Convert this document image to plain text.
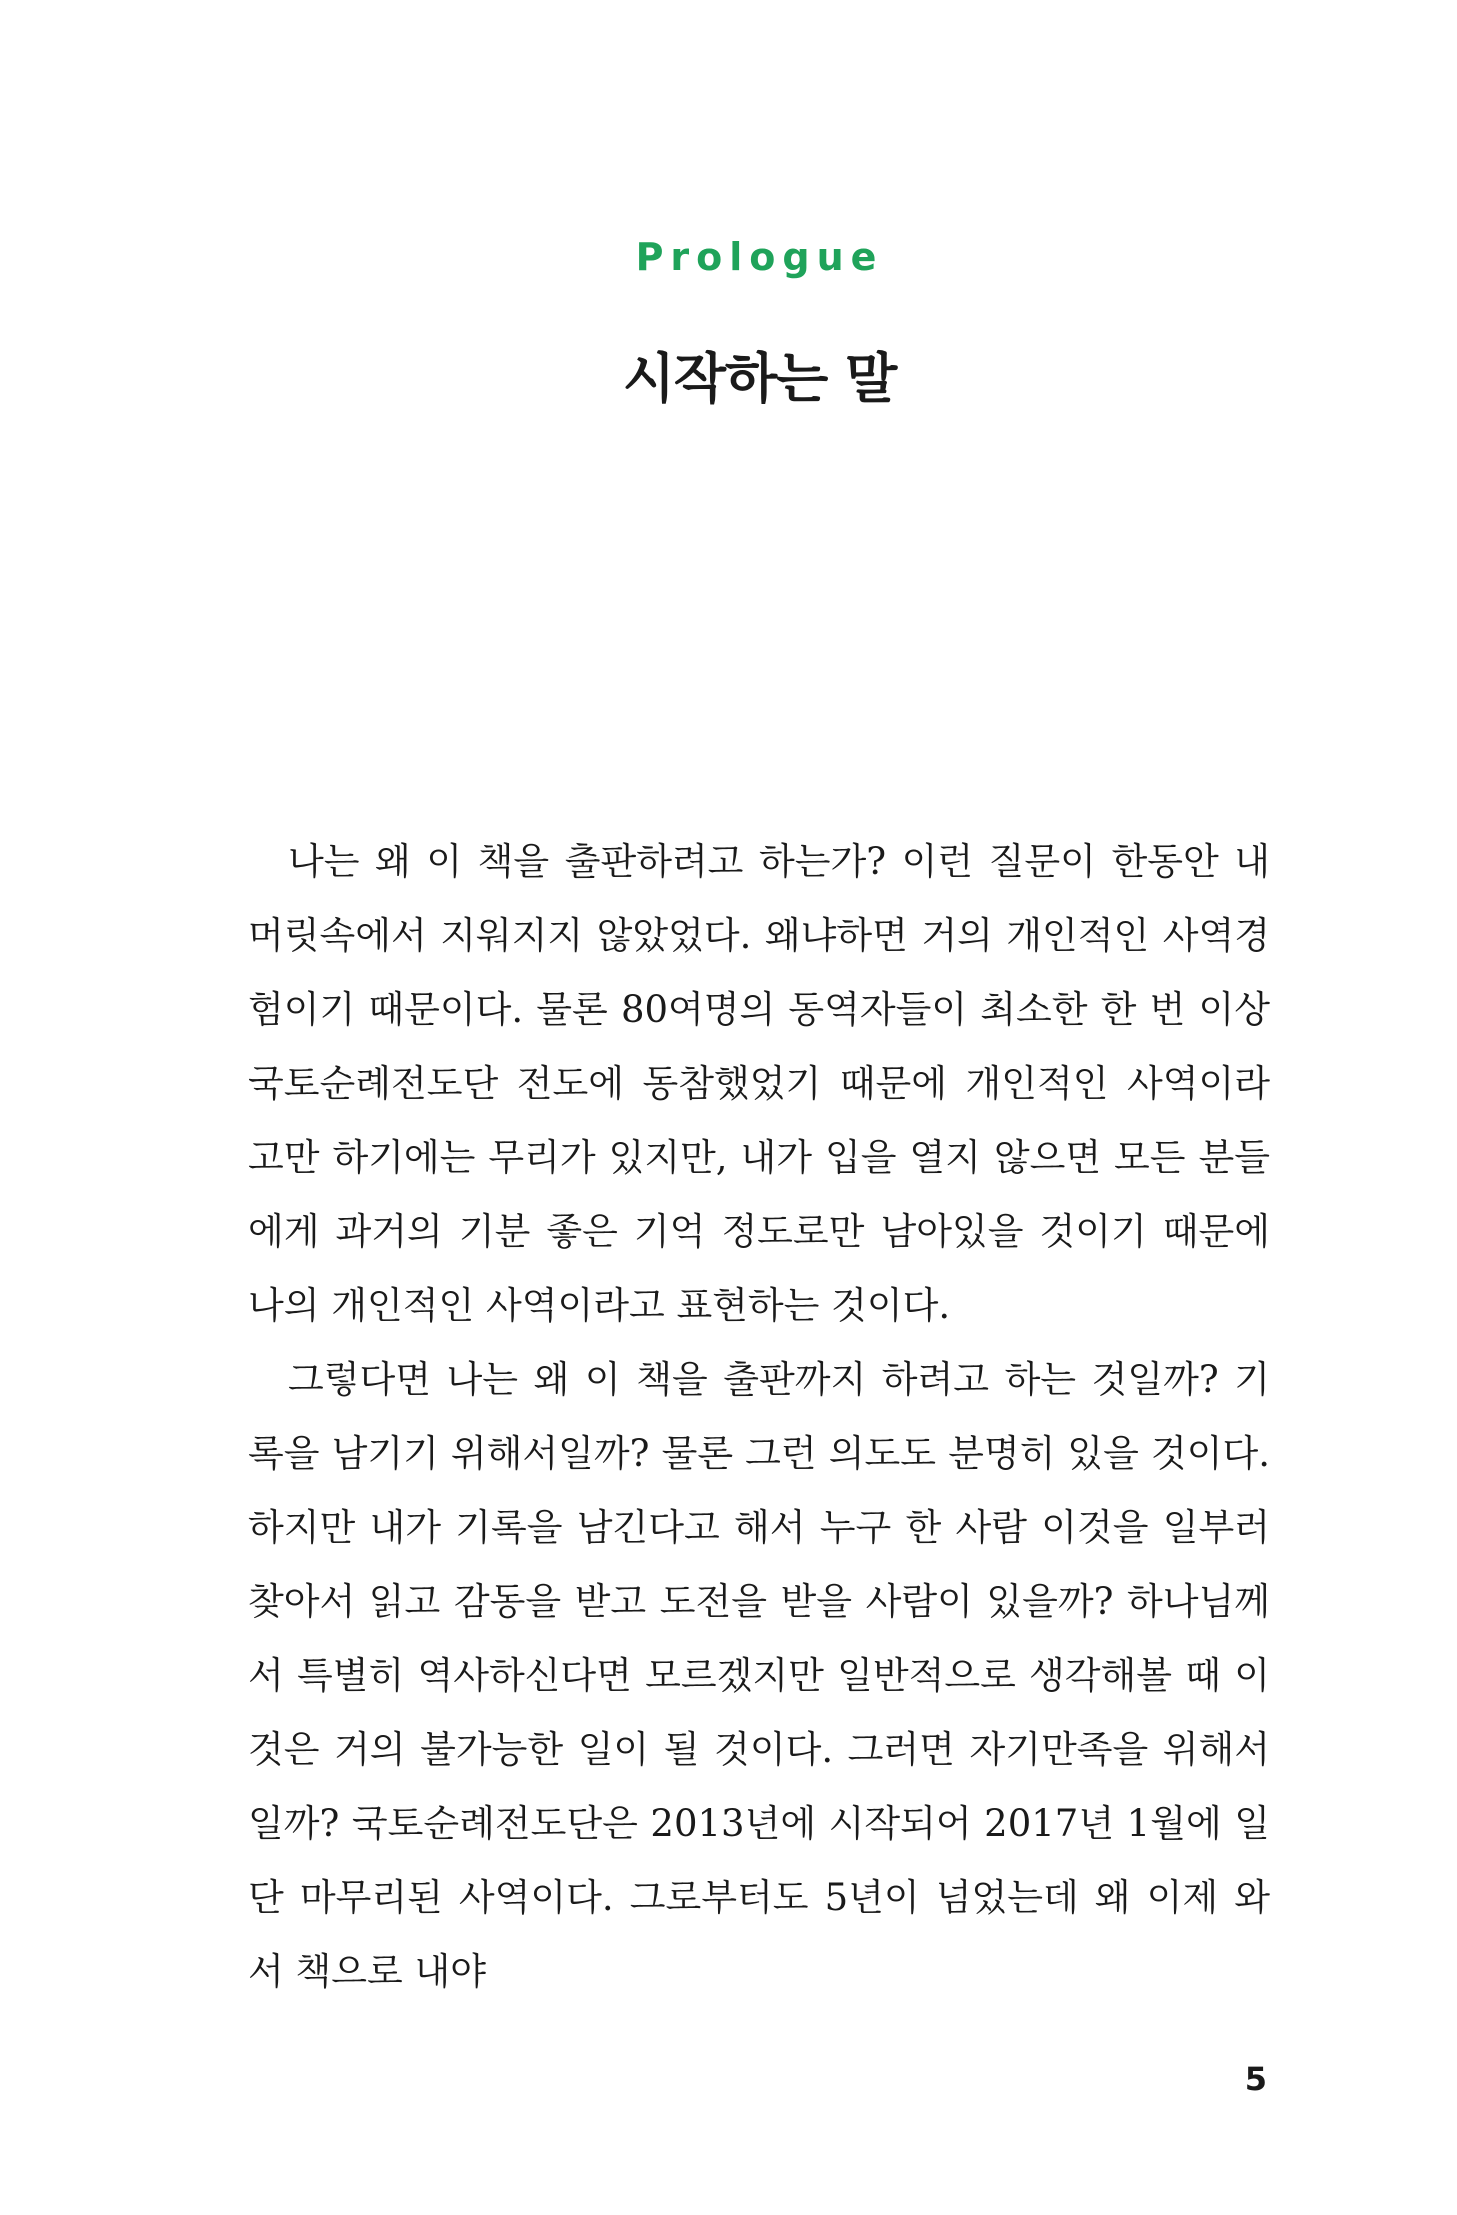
Prologue
시작하는 말

나는 왜 이 책을 출판하려고 하는가? 이런 질문이 한동안 내 머릿속에서 지워지지 않았었다. 왜냐하면 거의 개인적인 사역경험이기 때문이다. 물론 80여명의 동역자들이 최소한 한 번 이상 국토순례전도단 전도에 동참했었기 때문에 개인적인 사역이라고만 하기에는 무리가 있지만, 내가 입을 열지 않으면 모든 분들에게 과거의 기분 좋은 기억 정도로만 남아있을 것이기 때문에 나의 개인적인 사역이라고 표현하는 것이다.

그렇다면 나는 왜 이 책을 출판까지 하려고 하는 것일까? 기록을 남기기 위해서일까? 물론 그런 의도도 분명히 있을 것이다. 하지만 내가 기록을 남긴다고 해서 누구 한 사람 이것을 일부러 찾아서 읽고 감동을 받고 도전을 받을 사람이 있을까? 하나님께서 특별히 역사하신다면 모르겠지만 일반적으로 생각해볼 때 이것은 거의 불가능한 일이 될 것이다. 그러면 자기만족을 위해서일까? 국토순례전도단은 2013년에 시작되어 2017년 1월에 일단 마무리된 사역이다. 그로부터도 5년이 넘었는데 왜 이제 와서 책으로 내야

5
